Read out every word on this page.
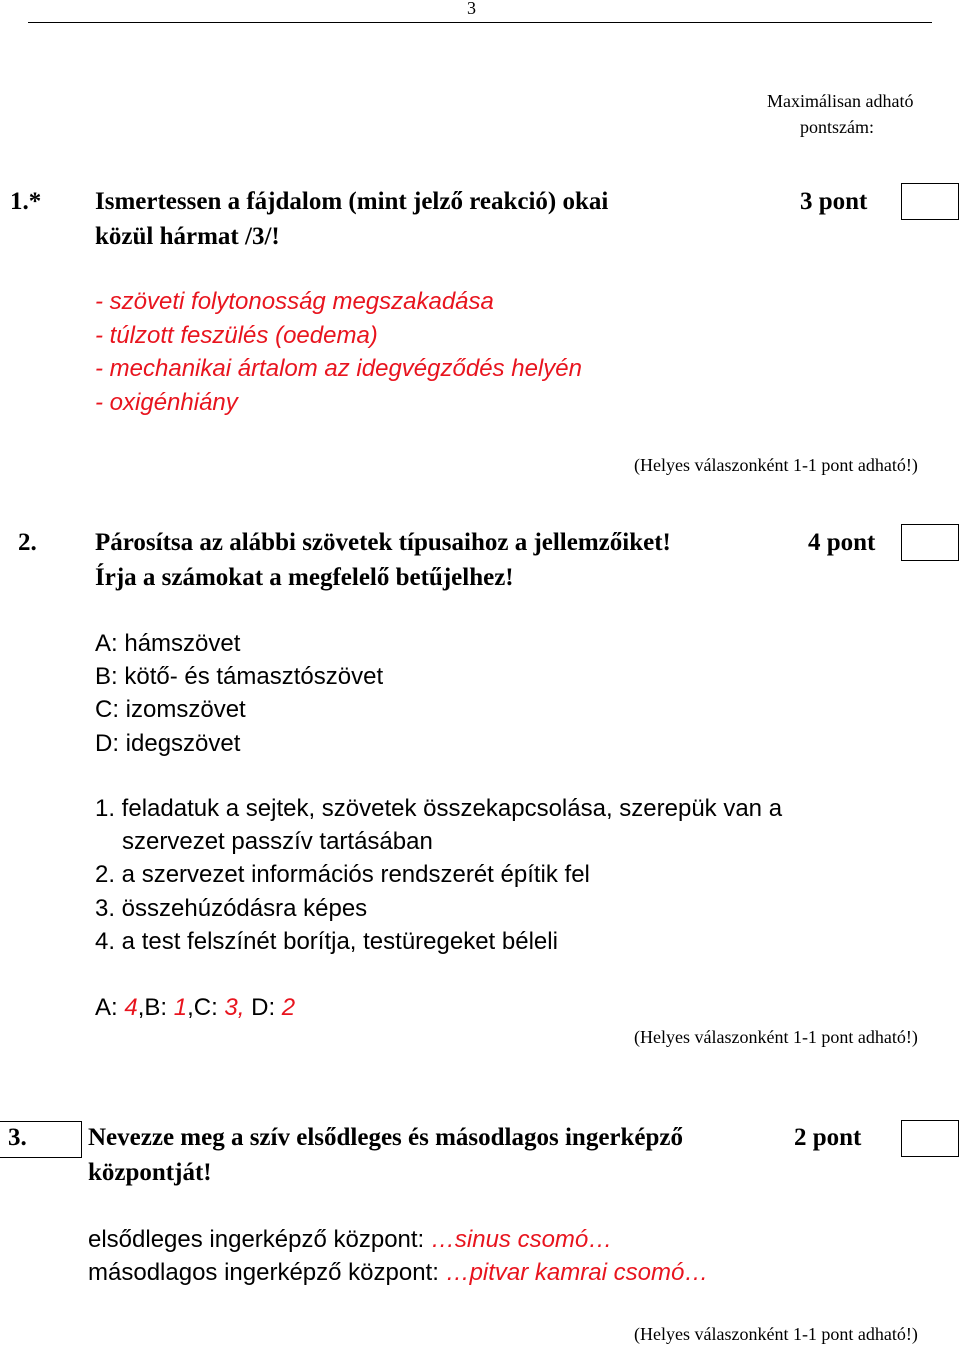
3
Maximálisan adható
pontszám:
1.* Ismertessen a fájdalom (mint jelző reakció) okai
közül hármat /3/!
3 pont
- szöveti folytonosság megszakadása
- túlzott feszülés (oedema)
- mechanikai ártalom az idegvégződés helyén
- oxigénhiány
(Helyes válaszonként 1-1 pont adható!)
2. Párosítsa az alábbi szövetek típusaihoz a jellemzőiket!
Írja a számokat a megfelelő betűjelhez!
4 pont
A: hámszövet
B: kötő- és támasztószövet
C: izomszövet
D: idegszövet
1. feladatuk a sejtek, szövetek összekapcsolása, szerepük van a
szervezet passzív tartásában
2. a szervezet információs rendszerét építik fel
3. összehúzódásra képes
4. a test felszínét borítja, testüregeket béleli
A: 4,B: 1,C: 3, D: 2
(Helyes válaszonként 1-1 pont adható!)
3. Nevezze meg a szív elsődleges és másodlagos ingerképző
központját!
2 pont
elsődleges ingerképző központ: …sinus csomó…
másodlagos ingerképző központ: …pitvar kamrai csomó…
(Helyes válaszonként 1-1 pont adható!)
